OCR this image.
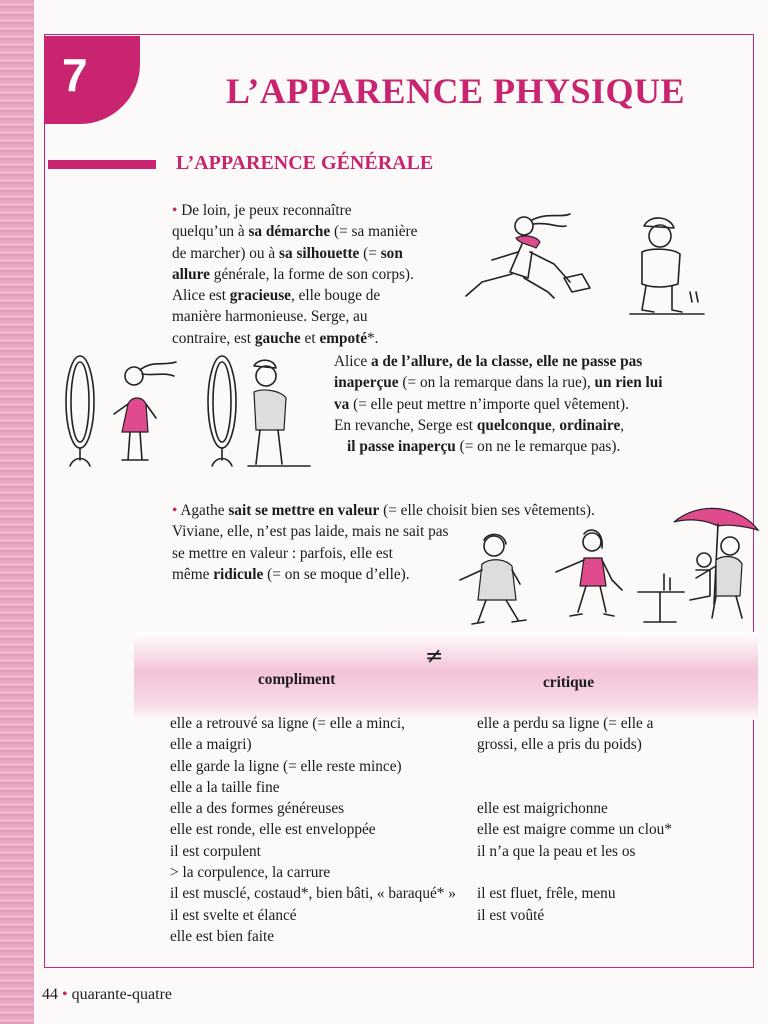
7	L’APPARENCE PHYSIQUE
L’APPARENCE GÉNÉRALE
• De loin, je peux reconnaître
quelqu’un à sa démarche (= sa manière
de marcher) ou à sa silhouette (= son
allure générale, la forme de son corps).
Alice est gracieuse, elle bouge de
manière harmonieuse. Serge, au
contraire, est gauche et empoté*.
Alice a de l’allure, de la classe, elle ne passe pas
inaperçue (= on la remarque dans la rue), un rien lui
va (= elle peut mettre n’importe quel vêtement).
En revanche, Serge est quelconque, ordinaire,
il passe inaperçu (= on ne le remarque pas).
• Agathe sait se mettre en valeur (= elle choisit bien ses vêtements).
Viviane, elle, n’est pas laide, mais ne sait pas
se mettre en valeur : parfois, elle est
même ridicule (= on se moque d’elle).
≠
compliment	critique
elle a retrouvé sa ligne (= elle a minci,
elle a maigri)
elle garde la ligne (= elle reste mince)
elle a la taille fine
elle a des formes généreuses
elle est ronde, elle est enveloppée
il est corpulent
> la corpulence, la carrure
il est musclé, costaud*, bien bâti, « baraqué* »
il est svelte et élancé
elle est bien faite
elle a perdu sa ligne (= elle a
grossi, elle a pris du poids)
elle est maigrichonne
elle est maigre comme un clou*
il n’a que la peau et les os
il est fluet, frêle, menu
il est voûté
44 • quarante-quatre
